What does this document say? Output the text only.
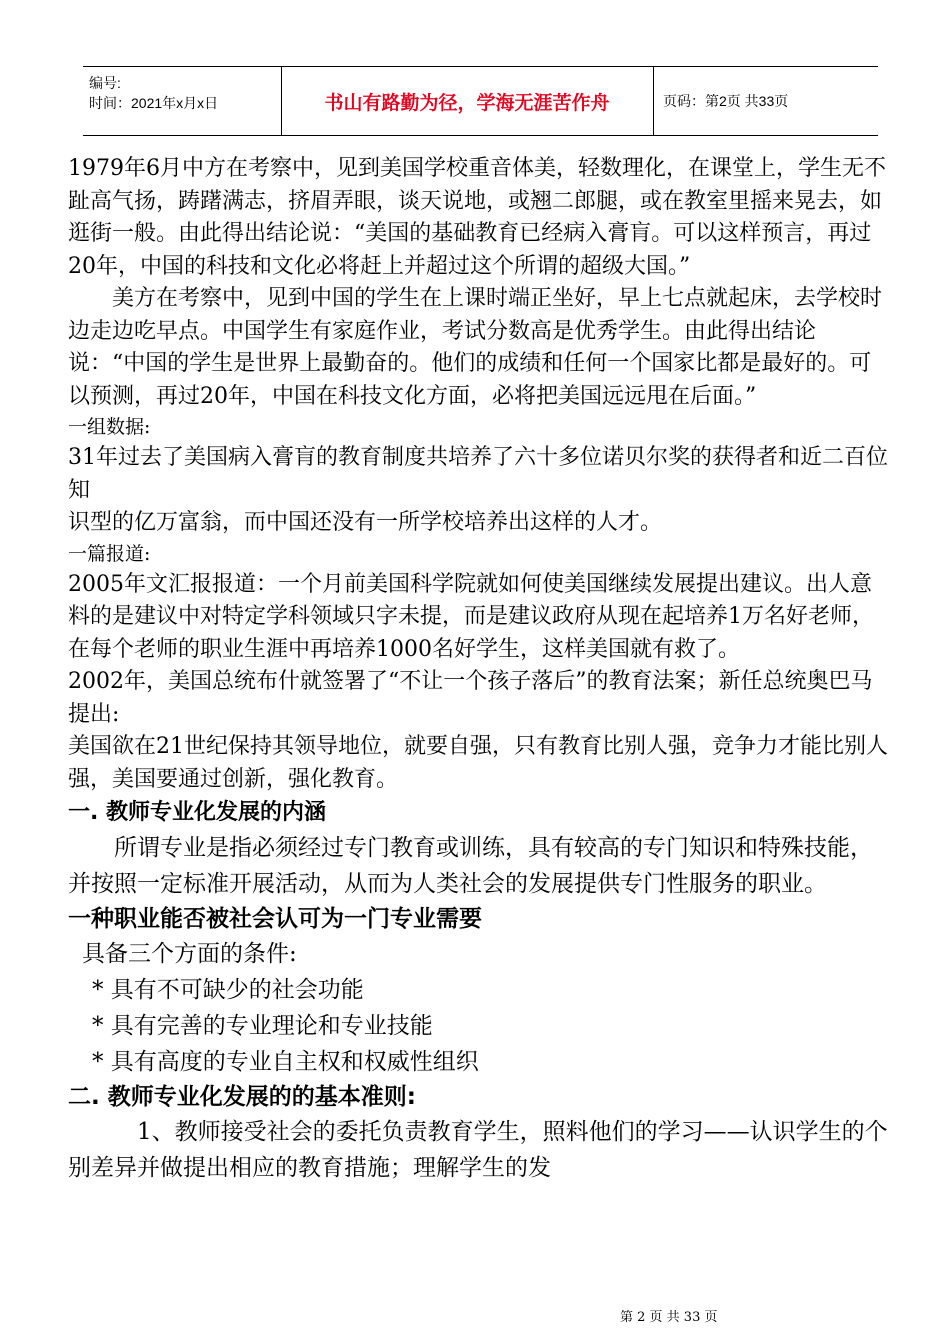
编号:
时间：2021年x月x日	书山有路勤为径，学海无涯苦作舟	页码：第2页 共33页

1979年6月中方在考察中，见到美国学校重音体美，轻数理化，在课堂上，学生无不趾高气扬，踌躇满志，挤眉弄眼，谈天说地，或翘二郎腿，或在教室里摇来晃去，如逛街一般。由此得出结论说：“美国的基础教育已经病入膏肓。可以这样预言，再过20年，中国的科技和文化必将赶上并超过这个所谓的超级大国。”

美方在考察中，见到中国的学生在上课时端正坐好，早上七点就起床，去学校时边走边吃早点。中国学生有家庭作业，考试分数高是优秀学生。由此得出结论说：“中国的学生是世界上最勤奋的。他们的成绩和任何一个国家比都是最好的。可以预测，再过20年，中国在科技文化方面，必将把美国远远甩在后面。”

一组数据:

31年过去了美国病入膏肓的教育制度共培养了六十多位诺贝尔奖的获得者和近二百位知

识型的亿万富翁，而中国还没有一所学校培养出这样的人才。

一篇报道:

2005年文汇报报道：一个月前美国科学院就如何使美国继续发展提出建议。出人意料的是建议中对特定学科领域只字未提，而是建议政府从现在起培养1万名好老师，在每个老师的职业生涯中再培养1000名好学生，这样美国就有救了。

2002年，美国总统布什就签署了“不让一个孩子落后”的教育法案；新任总统奥巴马提出:

美国欲在21世纪保持其领导地位，就要自强，只有教育比别人强，竞争力才能比别人强，美国要通过创新，强化教育。

一. 教师专业化发展的内涵

所谓专业是指必须经过专门教育或训练，具有较高的专门知识和特殊技能，并按照一定标准开展活动，从而为人类社会的发展提供专门性服务的职业。

一种职业能否被社会认可为一门专业需要

具备三个方面的条件:

* 具有不可缺少的社会功能

* 具有完善的专业理论和专业技能

* 具有高度的专业自主权和权威性组织

二. 教师专业化发展的的基本准则:

1、教师接受社会的委托负责教育学生，照料他们的学习——认识学生的个别差异并做提出相应的教育措施；理解学生的发

第 2 页 共 33 页
